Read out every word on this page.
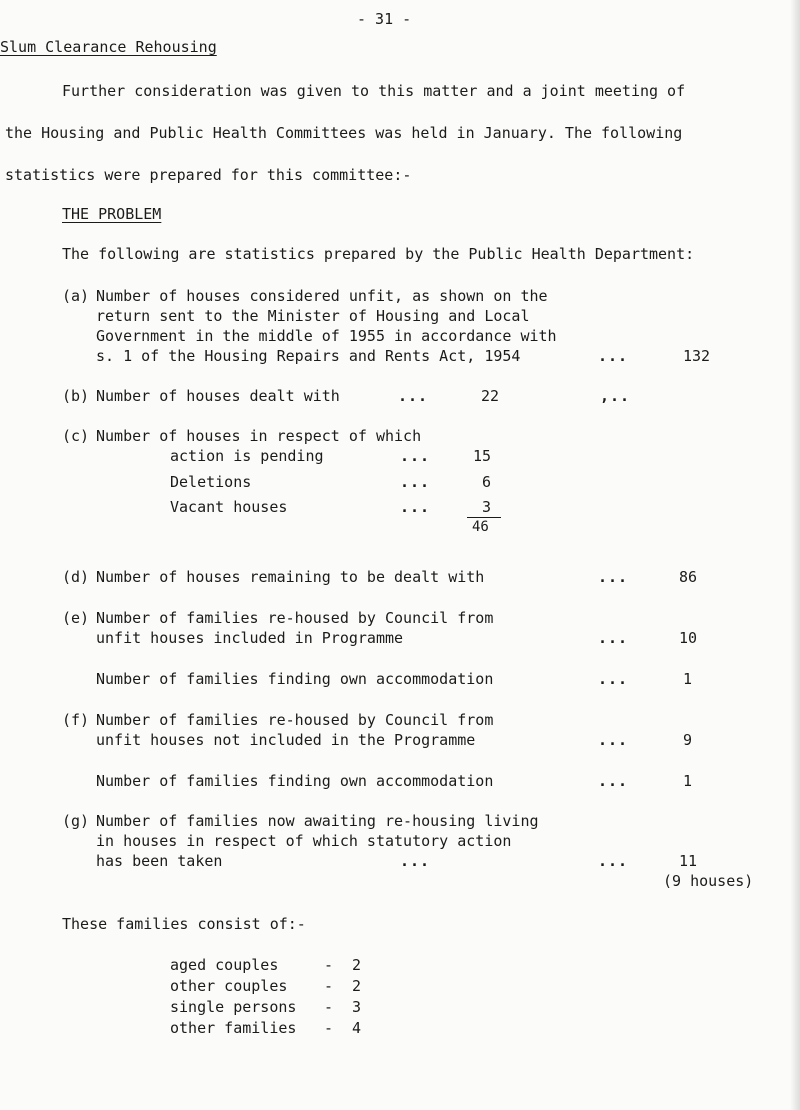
- 31 -
Slum Clearance Rehousing
Further consideration was given to this matter and a joint meeting of
the Housing and Public Health Committees was held in January. The following
statistics were prepared for this committee:-
THE PROBLEM
The following are statistics prepared by the Public Health Department:
(a) Number of houses considered unfit, as shown on the
return sent to the Minister of Housing and Local
Government in the middle of 1955 in accordance with
s. 1 of the Housing Repairs and Rents Act, 1954	...	132
(b) Number of houses dealt with	...	22	,..
(c) Number of houses in respect of which
action is pending	...	15
Deletions	...	6
Vacant houses	...	3
46
(d) Number of houses remaining to be dealt with	...	86
(e) Number of families re-housed by Council from
unfit houses included in Programme	...	10
Number of families finding own accommodation	...	1
(f) Number of families re-housed by Council from
unfit houses not included in the Programme	...	9
Number of families finding own accommodation	...	1
(g) Number of families now awaiting re-housing living
in houses in respect of which statutory action
has been taken	...	...	11
(9 houses)
These families consist of:-
aged couples	- 2
other couples - 2
single persons - 3
other families - 4
